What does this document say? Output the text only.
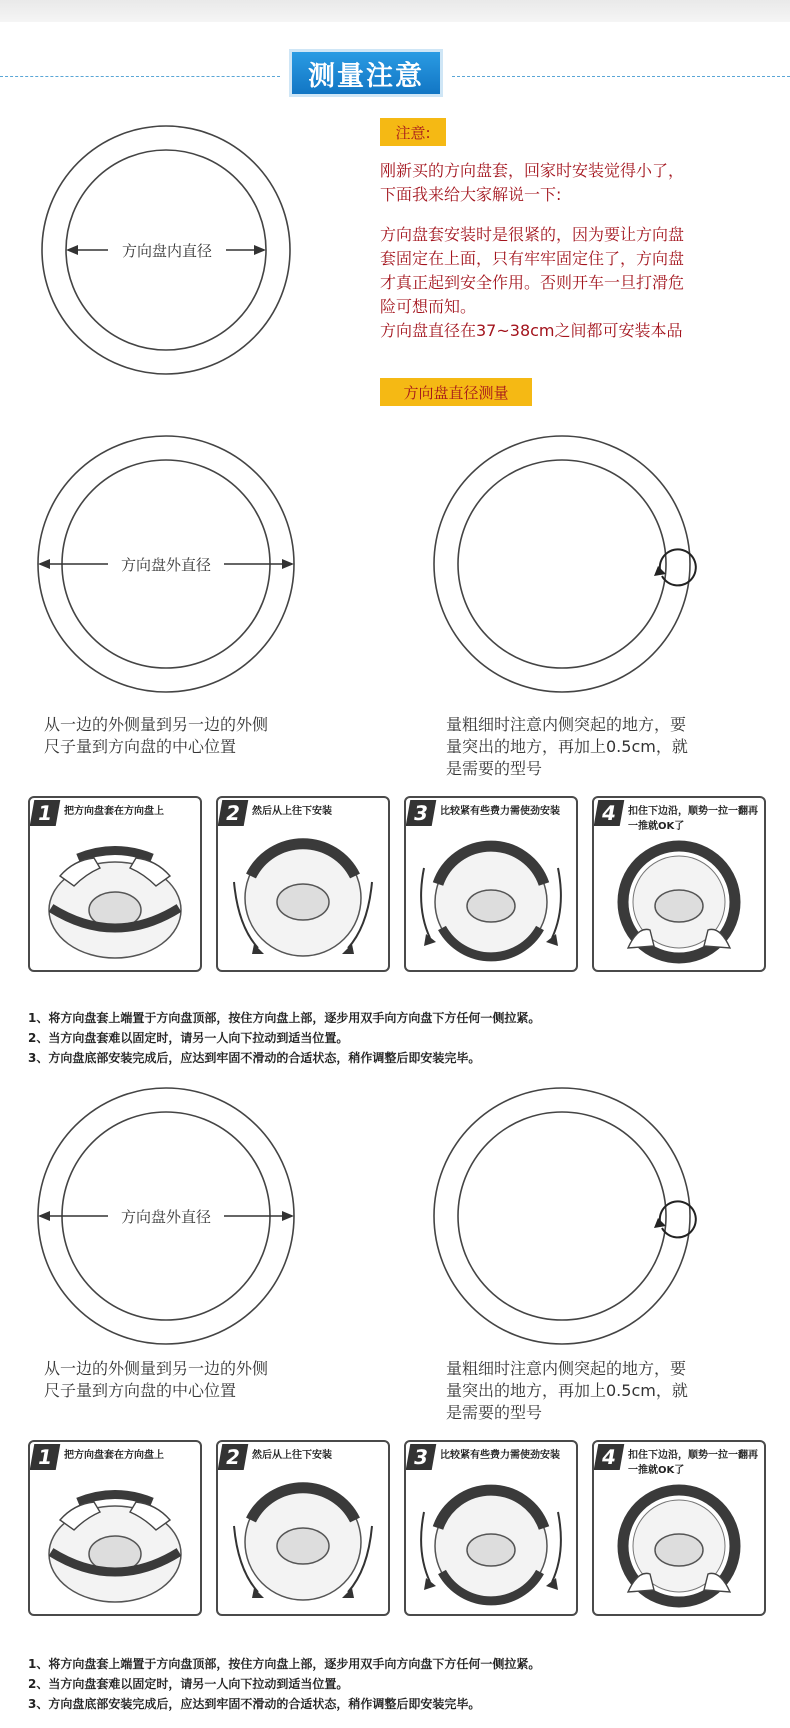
测量注意
方向盘内直径
注意:
刚新买的方向盘套，回家时安装觉得小了，
下面我来给大家解说一下:
方向盘套安装时是很紧的，因为要让方向盘
套固定在上面，只有牢牢固定住了，方向盘
才真正起到安全作用。否则开车一旦打滑危
险可想而知。
方向盘直径在37~38cm之间都可安装本品
方向盘直径测量
方向盘外直径
从一边的外侧量到另一边的外侧
尺子量到方向盘的中心位置
量粗细时注意内侧突起的地方，要
量突出的地方，再加上0.5cm，就
是需要的型号
1 把方向盘套在方向盘上	2 然后从上往下安装	3 比较紧有些费力需使劲安装	4 扣住下边沿，顺势一拉一翻再一推就OK了
1、将方向盘套上端置于方向盘顶部，按住方向盘上部，逐步用双手向方向盘下方任何一侧拉紧。
2、当方向盘套难以固定时，请另一人向下拉动到适当位置。
3、方向盘底部安装完成后，应达到牢固不滑动的合适状态，稍作调整后即安装完毕。
方向盘外直径
从一边的外侧量到另一边的外侧
尺子量到方向盘的中心位置
量粗细时注意内侧突起的地方，要
量突出的地方，再加上0.5cm，就
是需要的型号
1 把方向盘套在方向盘上	2 然后从上往下安装	3 比较紧有些费力需使劲安装	4 扣住下边沿，顺势一拉一翻再一推就OK了
1、将方向盘套上端置于方向盘顶部，按住方向盘上部，逐步用双手向方向盘下方任何一侧拉紧。
2、当方向盘套难以固定时，请另一人向下拉动到适当位置。
3、方向盘底部安装完成后，应达到牢固不滑动的合适状态，稍作调整后即安装完毕。
